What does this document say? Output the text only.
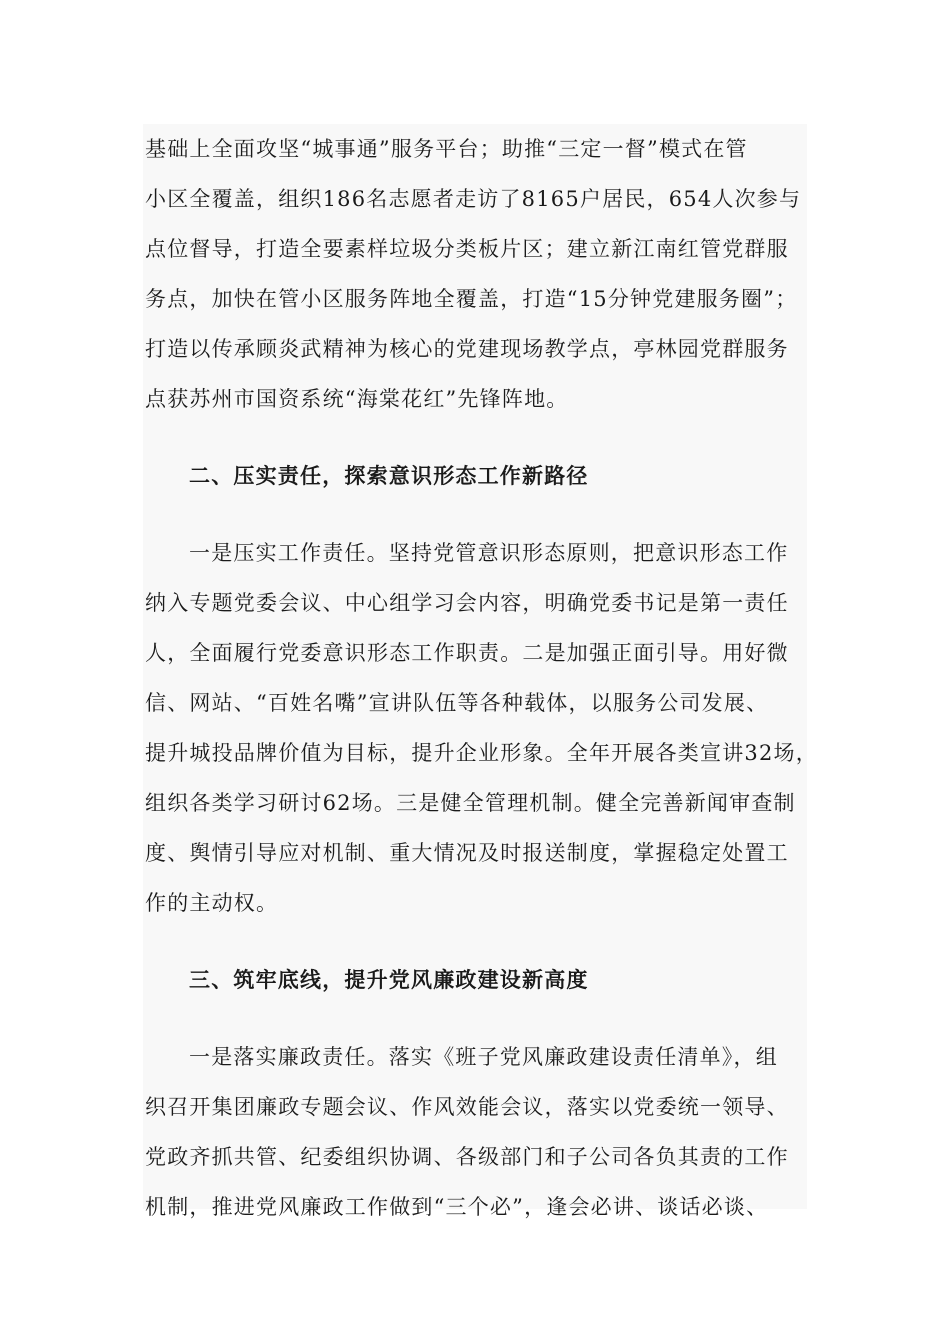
基础上全面攻坚“城事通”服务平台；助推“三定一督”模式在管
小区全覆盖，组织186名志愿者走访了8165户居民，654人次参与
点位督导，打造全要素样垃圾分类板片区；建立新江南红管党群服
务点，加快在管小区服务阵地全覆盖，打造“15分钟党建服务圈”；
打造以传承顾炎武精神为核心的党建现场教学点，亭林园党群服务
点获苏州市国资系统“海棠花红”先锋阵地。
二、压实责任，探索意识形态工作新路径
一是压实工作责任。坚持党管意识形态原则，把意识形态工作
纳入专题党委会议、中心组学习会内容，明确党委书记是第一责任
人，全面履行党委意识形态工作职责。二是加强正面引导。用好微
信、网站、“百姓名嘴”宣讲队伍等各种载体，以服务公司发展、
提升城投品牌价值为目标，提升企业形象。全年开展各类宣讲32场，
组织各类学习研讨62场。三是健全管理机制。健全完善新闻审查制
度、舆情引导应对机制、重大情况及时报送制度，掌握稳定处置工
作的主动权。
三、筑牢底线，提升党风廉政建设新高度
一是落实廉政责任。落实《班子党风廉政建设责任清单》，组
织召开集团廉政专题会议、作风效能会议，落实以党委统一领导、
党政齐抓共管、纪委组织协调、各级部门和子公司各负其责的工作
机制，推进党风廉政工作做到“三个必”，逢会必讲、谈话必谈、
